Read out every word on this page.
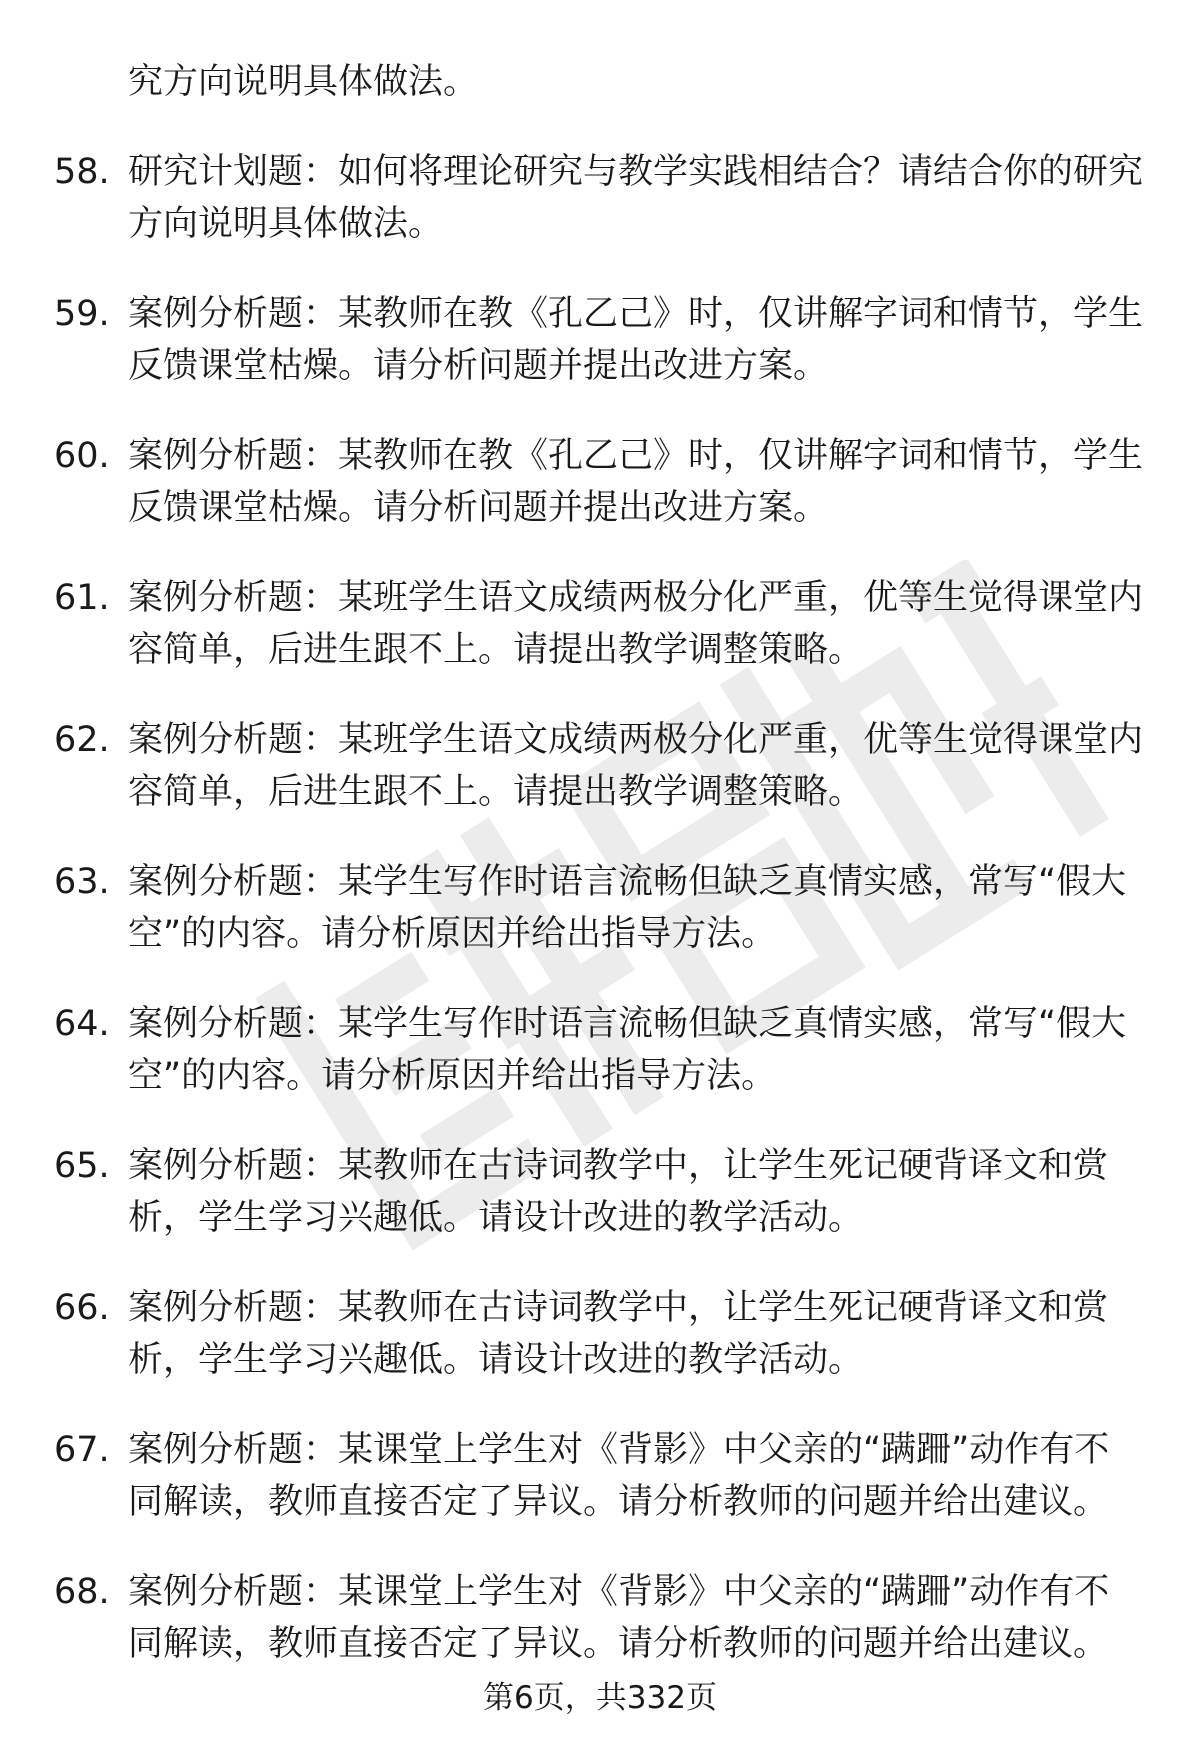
究方向说明具体做法。
58. 研究计划题：如何将理论研究与教学实践相结合？请结合你的研究方向说明具体做法。
59. 案例分析题：某教师在教《孔乙己》时，仅讲解字词和情节，学生反馈课堂枯燥。请分析问题并提出改进方案。
60. 案例分析题：某教师在教《孔乙己》时，仅讲解字词和情节，学生反馈课堂枯燥。请分析问题并提出改进方案。
61. 案例分析题：某班学生语文成绩两极分化严重，优等生觉得课堂内容简单，后进生跟不上。请提出教学调整策略。
62. 案例分析题：某班学生语文成绩两极分化严重，优等生觉得课堂内容简单，后进生跟不上。请提出教学调整策略。
63. 案例分析题：某学生写作时语言流畅但缺乏真情实感，常写“假大空”的内容。请分析原因并给出指导方法。
64. 案例分析题：某学生写作时语言流畅但缺乏真情实感，常写“假大空”的内容。请分析原因并给出指导方法。
65. 案例分析题：某教师在古诗词教学中，让学生死记硬背译文和赏析，学生学习兴趣低。请设计改进的教学活动。
66. 案例分析题：某教师在古诗词教学中，让学生死记硬背译文和赏析，学生学习兴趣低。请设计改进的教学活动。
67. 案例分析题：某课堂上学生对《背影》中父亲的“蹒跚”动作有不同解读，教师直接否定了异议。请分析教师的问题并给出建议。
68. 案例分析题：某课堂上学生对《背影》中父亲的“蹒跚”动作有不同解读，教师直接否定了异议。请分析教师的问题并给出建议。
第6页，共332页
